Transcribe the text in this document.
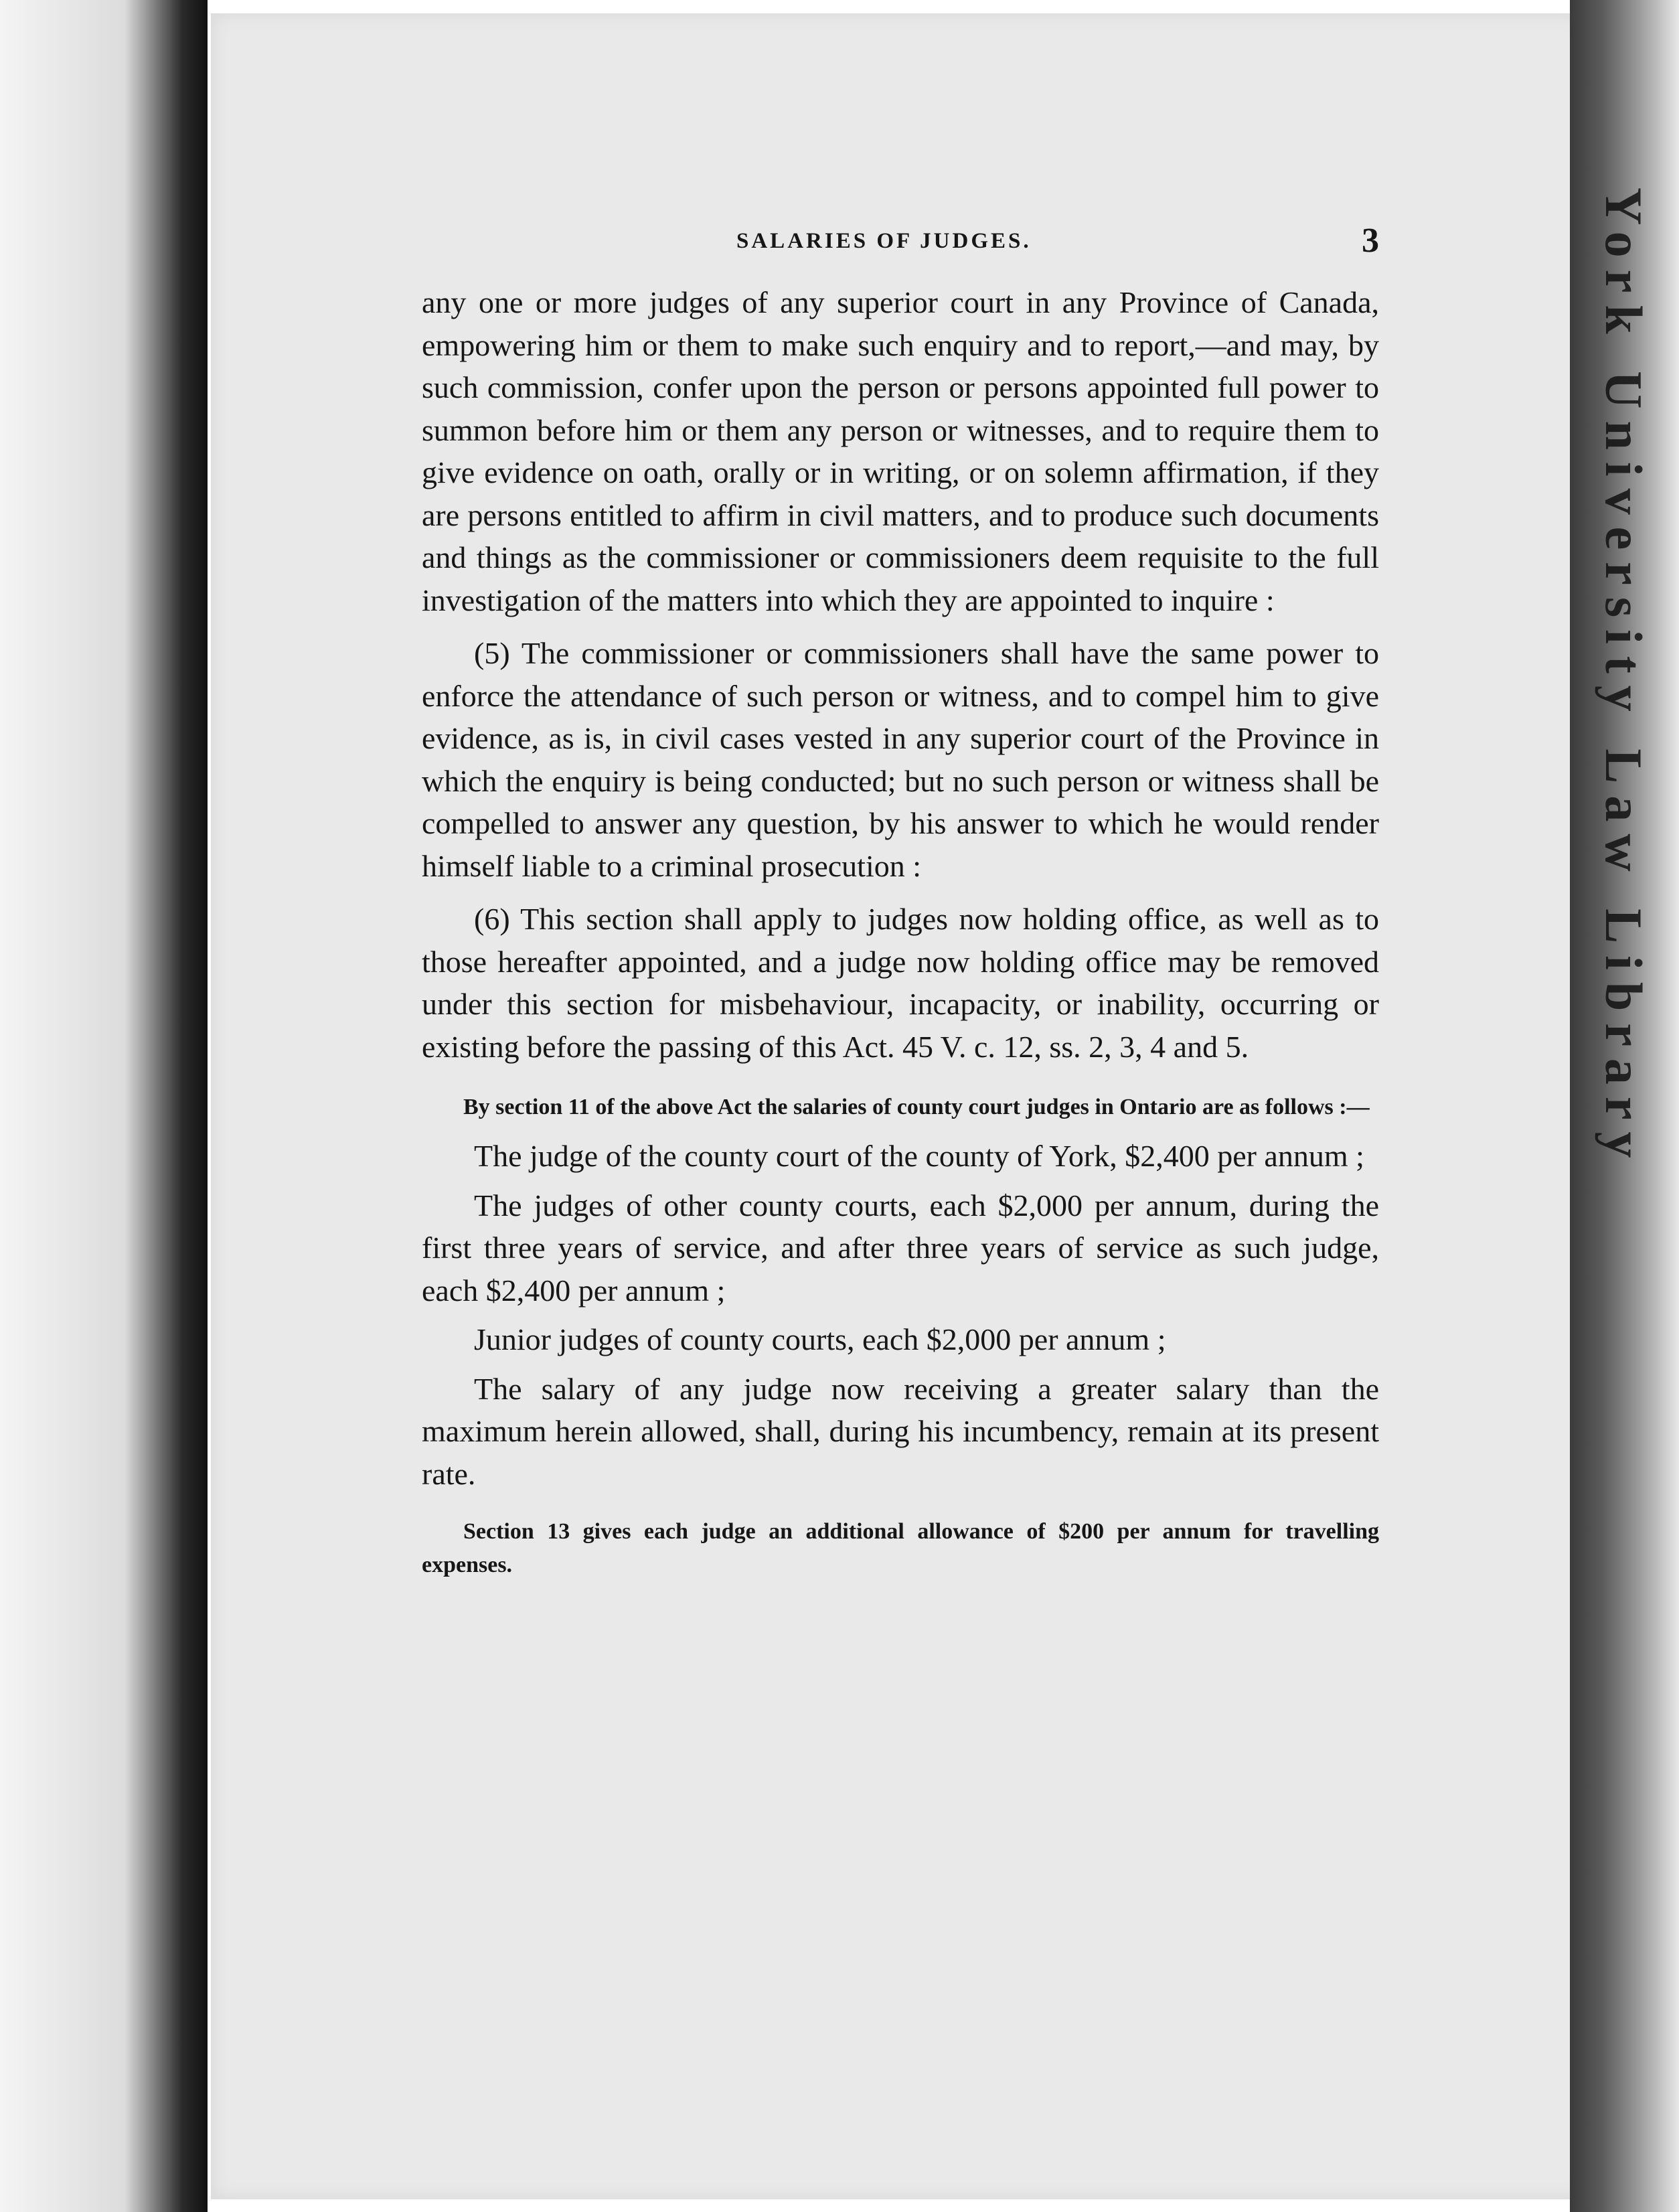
York University Law Library
SALARIES OF JUDGES.	3

any one or more judges of any superior court in any Province of Canada, empowering him or them to make such enquiry and to report,—and may, by such commission, confer upon the person or persons appointed full power to summon before him or them any person or witnesses, and to require them to give evidence on oath, orally or in writing, or on solemn affirmation, if they are persons entitled to affirm in civil matters, and to produce such documents and things as the commissioner or commissioners deem requisite to the full investigation of the matters into which they are appointed to inquire :

(5) The commissioner or commissioners shall have the same power to enforce the attendance of such person or witness, and to compel him to give evidence, as is, in civil cases vested in any superior court of the Province in which the enquiry is being conducted; but no such person or witness shall be compelled to answer any question, by his answer to which he would render himself liable to a criminal prosecution :

(6) This section shall apply to judges now holding office, as well as to those hereafter appointed, and a judge now holding office may be removed under this section for misbehaviour, incapacity, or inability, occurring or existing before the passing of this Act. 45 V. c. 12, ss. 2, 3, 4 and 5.

By section 11 of the above Act the salaries of county court judges in Ontario are as follows :—

The judge of the county court of the county of York, $2,400 per annum ;

The judges of other county courts, each $2,000 per annum, during the first three years of service, and after three years of service as such judge, each $2,400 per annum ;

Junior judges of county courts, each $2,000 per annum ;

The salary of any judge now receiving a greater salary than the maximum herein allowed, shall, during his incumbency, remain at its present rate.

Section 13 gives each judge an additional allowance of $200 per annum for travelling expenses.
